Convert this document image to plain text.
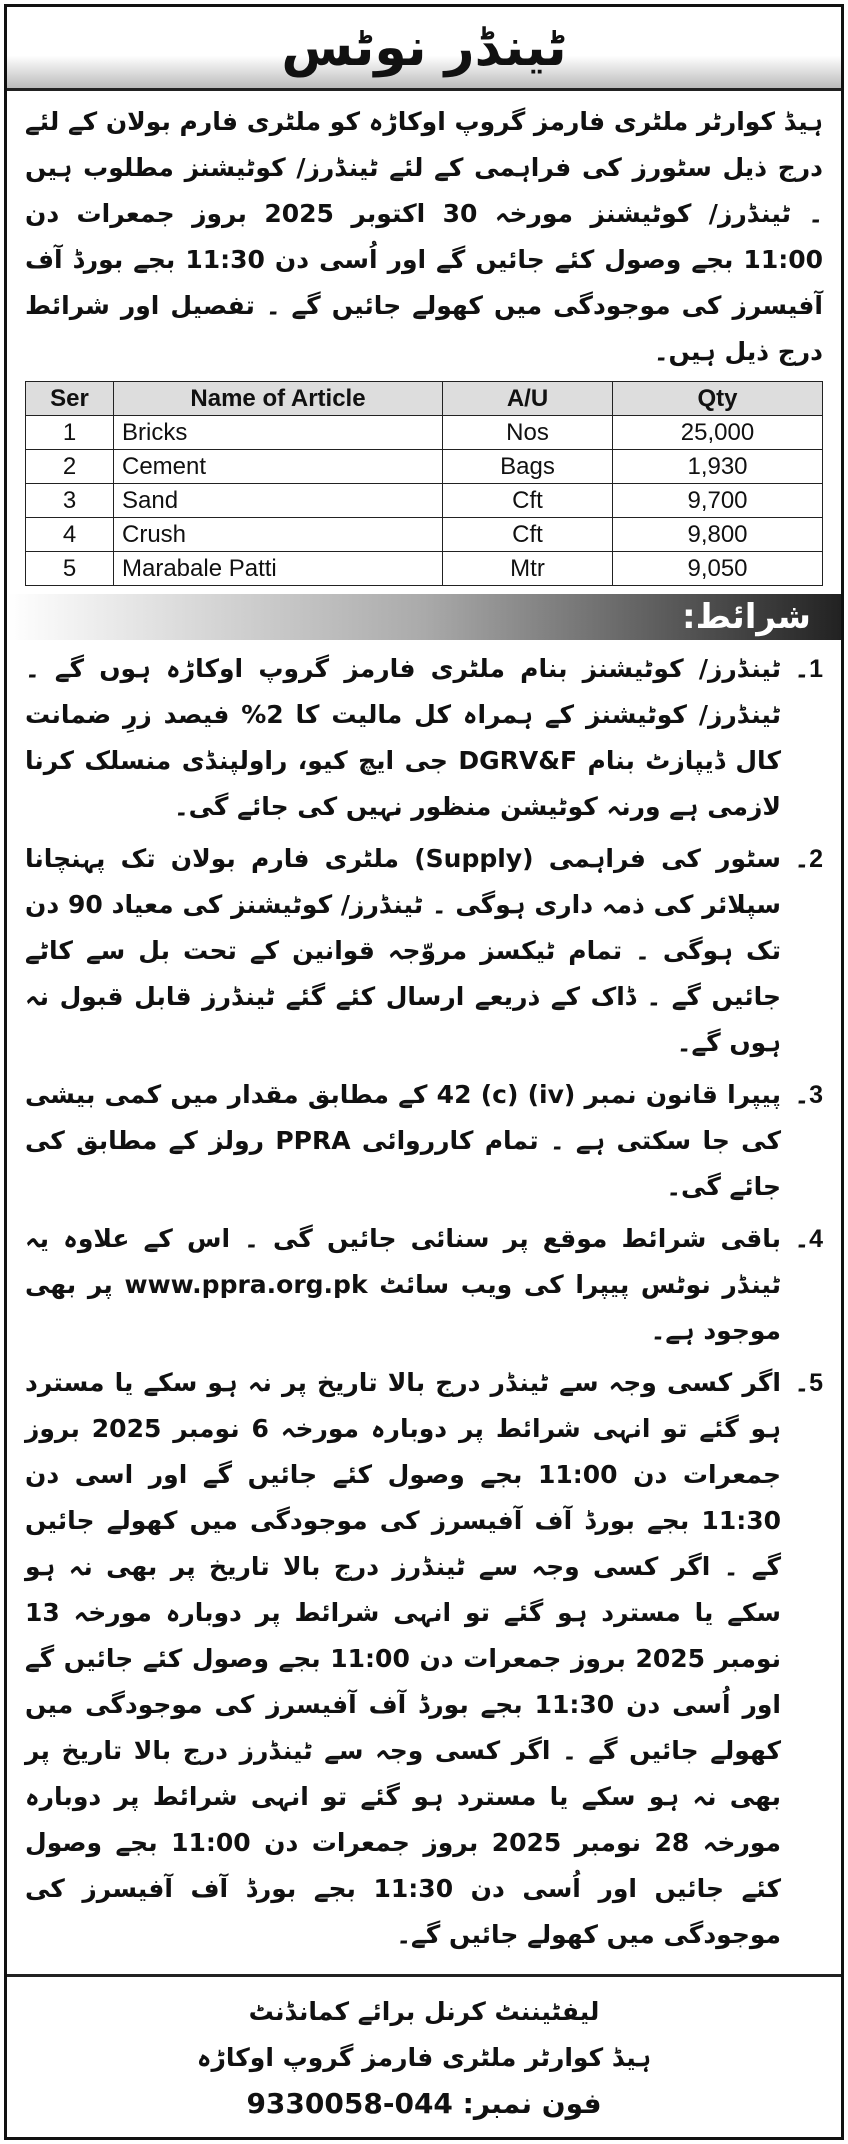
ٹینڈر نوٹس
ہیڈ کوارٹر ملٹری فارمز گروپ اوکاڑہ کو ملٹری فارم بولان کے لئے درج ذیل سٹورز کی فراہمی کے لئے ٹینڈرز/ کوٹیشنز مطلوب ہیں ۔ ٹینڈرز/ کوٹیشنز مورخہ 30 اکتوبر 2025 بروز جمعرات دن 11:00 بجے وصول کئے جائیں گے اور اُسی دن 11:30 بجے بورڈ آف آفیسرز کی موجودگی میں کھولے جائیں گے ۔ تفصیل اور شرائط درج ذیل ہیں۔
Ser	Name of Article	A/U	Qty
1	Bricks	Nos	25,000
2	Cement	Bags	1,930
3	Sand	Cft	9,700
4	Crush	Cft	9,800
5	Marabale Patti	Mtr	9,050
شرائط:
1۔
ٹینڈرز/ کوٹیشنز بنام ملٹری فارمز گروپ اوکاڑہ ہوں گے ۔ ٹینڈرز/ کوٹیشنز کے ہمراہ کل مالیت کا 2% فیصد زرِ ضمانت کال ڈیپازٹ بنام DGRV&F جی ایچ کیو، راولپنڈی منسلک کرنا لازمی ہے ورنہ کوٹیشن منظور نہیں کی جائے گی۔
2۔
سٹور کی فراہمی (Supply) ملٹری فارم بولان تک پہنچانا سپلائر کی ذمہ داری ہوگی ۔ ٹینڈرز/ کوٹیشنز کی معیاد 90 دن تک ہوگی ۔ تمام ٹیکسز مروّجہ قوانین کے تحت بل سے کاٹے جائیں گے ۔ ڈاک کے ذریعے ارسال کئے گئے ٹینڈرز قابل قبول نہ ہوں گے۔
3۔
پیپرا قانون نمبر (iv) (c) 42 کے مطابق مقدار میں کمی بیشی کی جا سکتی ہے ۔ تمام کارروائی PPRA رولز کے مطابق کی جائے گی۔
4۔
باقی شرائط موقع پر سنائی جائیں گی ۔ اس کے علاوہ یہ ٹینڈر نوٹس پیپرا کی ویب سائٹ www.ppra.org.pk پر بھی موجود ہے۔
5۔
اگر کسی وجہ سے ٹینڈر درج بالا تاریخ پر نہ ہو سکے یا مسترد ہو گئے تو انہی شرائط پر دوبارہ مورخہ 6 نومبر 2025 بروز جمعرات دن 11:00 بجے وصول کئے جائیں گے اور اسی دن 11:30 بجے بورڈ آف آفیسرز کی موجودگی میں کھولے جائیں گے ۔ اگر کسی وجہ سے ٹینڈرز درج بالا تاریخ پر بھی نہ ہو سکے یا مسترد ہو گئے تو انہی شرائط پر دوبارہ مورخہ 13 نومبر 2025 بروز جمعرات دن 11:00 بجے وصول کئے جائیں گے اور اُسی دن 11:30 بجے بورڈ آف آفیسرز کی موجودگی میں کھولے جائیں گے ۔ اگر کسی وجہ سے ٹینڈرز درج بالا تاریخ پر بھی نہ ہو سکے یا مسترد ہو گئے تو انہی شرائط پر دوبارہ مورخہ 28 نومبر 2025 بروز جمعرات دن 11:00 بجے وصول کئے جائیں اور اُسی دن 11:30 بجے بورڈ آف آفیسرز کی موجودگی میں کھولے جائیں گے۔
لیفٹیننٹ کرنل برائے کمانڈنٹ
ہیڈ کوارٹر ملٹری فارمز گروپ اوکاڑہ
فون نمبر: 044-9330058
